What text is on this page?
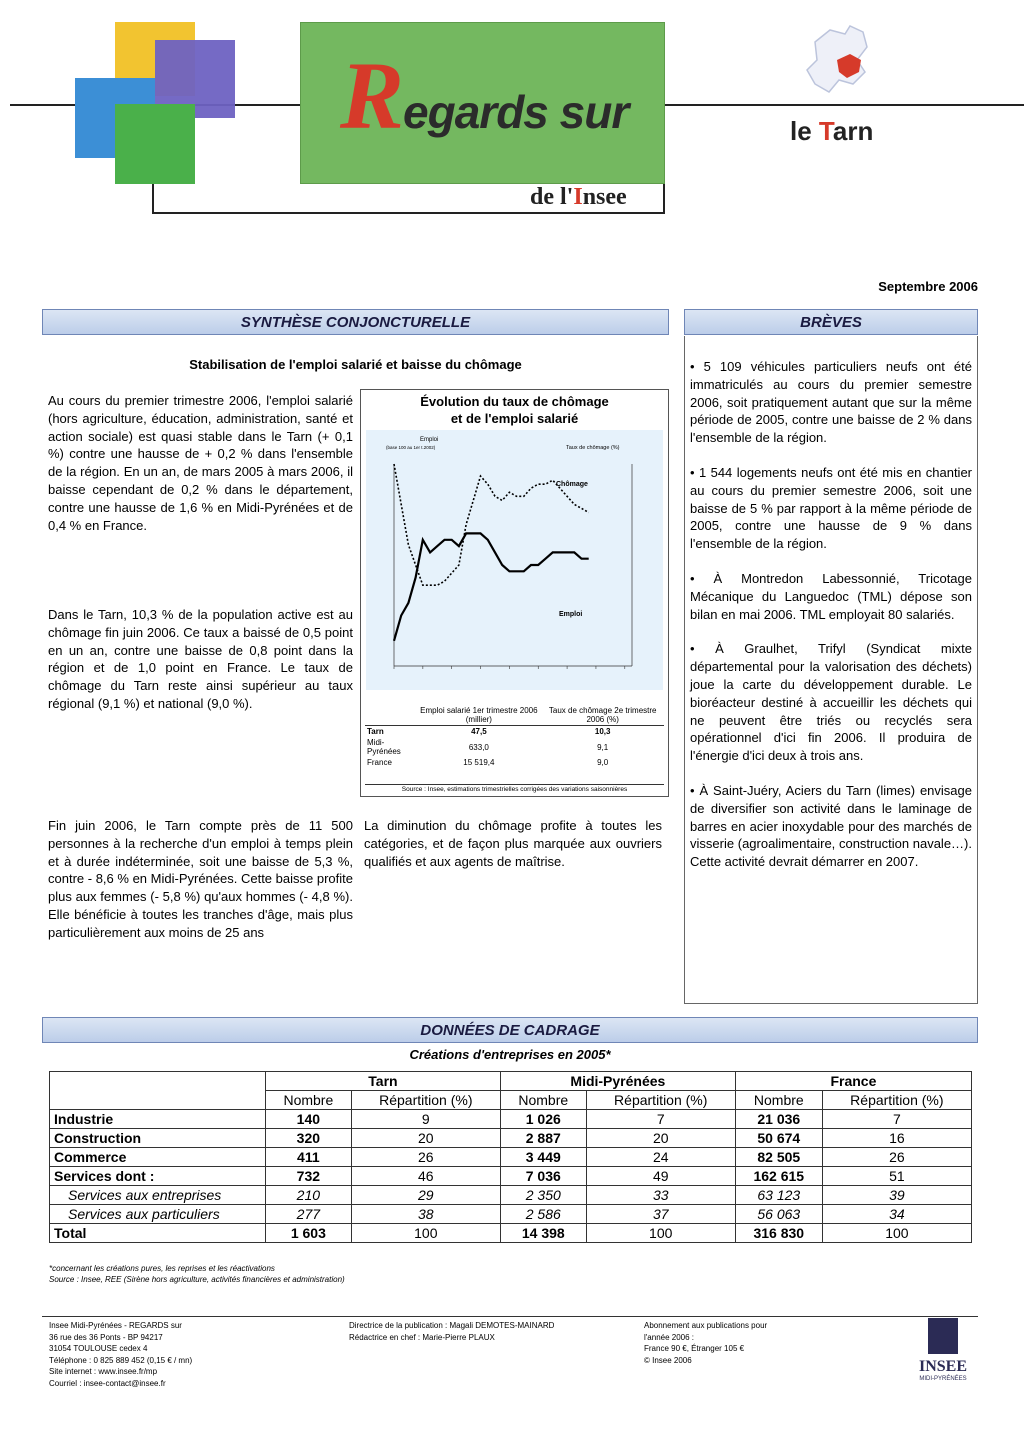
Regards sur
de l'Insee
le Tarn
Septembre 2006
SYNTHÈSE CONJONCTURELLE
Stabilisation de l'emploi salarié et baisse du chômage
Au cours du premier trimestre 2006, l'emploi salarié (hors agriculture, éducation, administration, santé et action sociale) est quasi stable dans le Tarn (+ 0,1 %) contre une hausse de + 0,2 % dans l'ensemble de la région. En un an, de mars 2005 à mars 2006, il baisse cependant de 0,2 % dans le département, contre une hausse de 1,6 % en Midi-Pyrénées et de 0,4 % en France.
Dans le Tarn, 10,3 % de la population active est au chômage fin juin 2006. Ce taux a baissé de 0,5 point en un an, contre une baisse de 0,8 point dans la région et de 1,0 point en France. Le taux de chômage du Tarn reste ainsi supérieur au taux régional (9,1 %) et national (9,0 %).
Fin juin 2006, le Tarn compte près de 11 500 personnes à la recherche d'un emploi à temps plein et à durée indéterminée, soit une baisse de 5,3 %, contre - 8,6 % en Midi-Pyrénées. Cette baisse profite plus aux femmes (- 5,8 %) qu'aux hommes (- 4,8 %). Elle bénéficie à toutes les tranches d'âge, mais plus particulièrement aux moins de 25 ans
La diminution du chômage profite à toutes les catégories, et de façon plus marquée aux ouvriers qualifiés et aux agents de maîtrise.
Évolution du taux de chômage
et de l'emploi salarié
Emploi
(base 100 au 1er t.2002)	Taux de chômage (%)
Chômage
Emploi
	Emploi salarié 1er trimestre 2006 (millier)	Taux de chômage 2e trimestre 2006 (%)
Tarn	47,5	10,3
Midi-Pyrénées	633,0	9,1
France	15 519,4	9,0
Source : Insee, estimations trimestrielles corrigées des variations saisonnières
BRÈVES
• 5 109 véhicules particuliers neufs ont été immatriculés au cours du premier semestre 2006, soit pratiquement autant que sur la même période de 2005, contre une baisse de 2 % dans l'ensemble de la région.
• 1 544 logements neufs ont été mis en chantier au cours du premier semestre 2006, soit une baisse de 5 % par rapport à la même période de 2005, contre une hausse de 9 % dans l'ensemble de la région.
• À Montredon Labessonnié, Tricotage Mécanique du Languedoc (TML) dépose son bilan en mai 2006. TML employait 80 salariés.
• À Graulhet, Trifyl (Syndicat mixte départemental pour la valorisation des déchets) joue la carte du développement durable. Le bioréacteur destiné à accueillir les déchets qui ne peuvent être triés ou recyclés sera opérationnel d'ici fin 2006. Il produira de l'énergie d'ici deux à trois ans.
• À Saint-Juéry, Aciers du Tarn (limes) envisage de diversifier son activité dans le laminage de barres en acier inoxydable pour des marchés de visserie (agroalimentaire, construction navale…). Cette activité devrait démarrer en 2007.
DONNÉES DE CADRAGE
Créations d'entreprises en 2005*
	Tarn		Midi-Pyrénées		France	
	Nombre	Répartition (%)	Nombre	Répartition (%)	Nombre	Répartition (%)
Industrie	140	9	1 026	7	21 036	7
Construction	320	20	2 887	20	50 674	16
Commerce	411	26	3 449	24	82 505	26
Services dont :	732	46	7 036	49	162 615	51
Services aux entreprises	210	29	2 350	33	63 123	39
Services aux particuliers	277	38	2 586	37	56 063	34
Total	1 603	100	14 398	100	316 830	100
*concernant les créations pures, les reprises et les réactivations
Source : Insee, REE (Sirène hors agriculture, activités financières et administration)
Insee Midi-Pyrénées - REGARDS sur
36 rue des 36 Ponts - BP 94217
31054 TOULOUSE cedex 4
Téléphone : 0 825 889 452 (0,15 € / mn)
Site internet : www.insee.fr/mp
Courriel : insee-contact@insee.fr
Directrice de la publication : Magali DEMOTES-MAINARD
Rédactrice en chef : Marie-Pierre PLAUX
Abonnement aux publications pour
l'année 2006 :
France 90 €, Étranger 105 €
© Insee 2006	INSEE
MIDI-PYRÉNÉES
